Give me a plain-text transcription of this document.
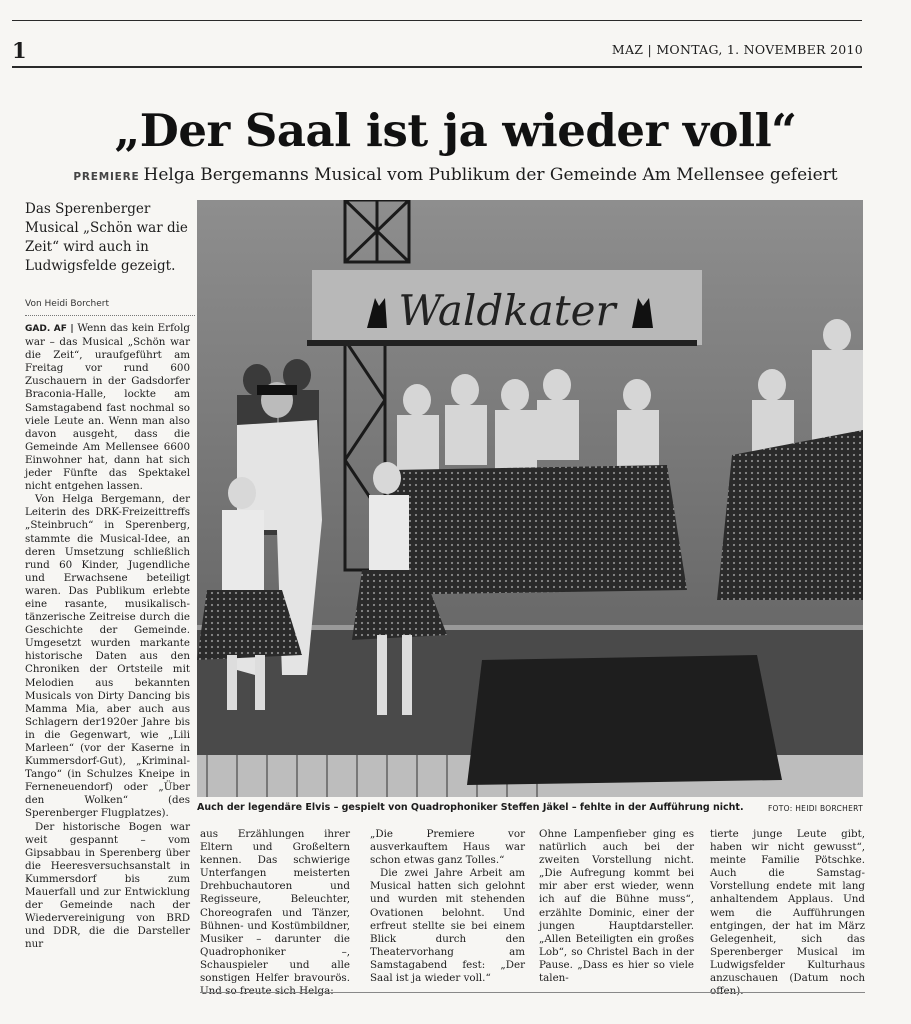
1	MAZ | MONTAG, 1. NOVEMBER 2010
„Der Saal ist ja wieder voll“
PREMIERE Helga Bergemanns Musical vom Publikum der Gemeinde Am Mellensee gefeiert
Das Sperenberger Musical „Schön war die Zeit“ wird auch in Ludwigsfelde gezeigt.
Von Heidi Borchert

GAD. AF | Wenn das kein Erfolg war – das Musical „Schön war die Zeit“, uraufgeführt am Freitag vor rund 600 Zuschauern in der Gadsdorfer Braconia-Halle, lockte am Samstagabend fast nochmal so viele Leute an. Wenn man also davon ausgeht, dass die Gemeinde Am Mellensee 6600 Einwohner hat, dann hat sich jeder Fünfte das Spektakel nicht entgehen lassen.

Von Helga Bergemann, der Leiterin des DRK-Freizeittreffs „Steinbruch“ in Sperenberg, stammte die Musical-Idee, an deren Umsetzung schließlich rund 60 Kinder, Jugendliche und Erwachsene beteiligt waren. Das Publikum erlebte eine rasante, musikalisch-tänzerische Zeitreise durch die Geschichte der Gemeinde. Umgesetzt wurden markante historische Daten aus den Chroniken der Ortsteile mit Melodien aus bekannten Musicals von Dirty Dancing bis Mamma Mia, aber auch aus Schlagern der1920er Jahre bis in die Gegenwart, wie „Lili Marleen“ (vor der Kaserne in Kummersdorf-Gut), „Kriminal-Tango“ (in Schulzes Kneipe in Ferneneuendorf) oder „Über den Wolken“ (des Sperenberger Flugplatzes).

Der historische Bogen war weit gespannt – vom Gipsabbau in Sperenberg über die Heeresversuchsanstalt in Kummersdorf bis zum Mauerfall und zur Entwicklung der Gemeinde nach der Wiedervereinigung von BRD und DDR, die die Darsteller nur

Waldkater
Auch der legendäre Elvis – gespielt von Quadrophoniker Steffen Jäkel – fehlte in der Aufführung nicht.	FOTO: HEIDI BORCHERT

aus Erzählungen ihrer Eltern und Großeltern kennen. Das schwierige Unterfangen meisterten Drehbuchautoren und Regisseure, Beleuchter, Choreografen und Tänzer, Bühnen- und Kostümbildner, Musiker – darunter die Quadrophoniker –, Schauspieler und alle sonstigen Helfer bravourös.

„Die Premiere vor ausverkauftem Haus war schon etwas ganz Tolles.“

Die zwei Jahre Arbeit am Musical hatten sich gelohnt und wurden mit stehenden Ovationen belohnt. Und erfreut stellte sie bei einem Blick durch den Theatervorhang am Samstagabend fest: „Der Saal ist ja wieder voll.“

Ohne Lampenfieber ging es natürlich auch bei der zweiten Vorstellung nicht. „Die Aufregung kommt bei mir aber erst wieder, wenn ich auf die Bühne muss“, erzählte Dominic, einer der jungen Hauptdarsteller. „Allen Beteiligten ein großes Lob“, so Christel Bach in der Pause. „Dass es hier so viele talen-

tierte junge Leute gibt, haben wir nicht gewusst“, meinte Familie Pötschke. Auch die Samstag-Vorstellung endete mit lang anhaltendem Applaus. Und wem die Aufführungen entgingen, der hat im März Gelegenheit, sich das Sperenberger Musical im Ludwigsfelder Kulturhaus anzuschauen (Datum noch
